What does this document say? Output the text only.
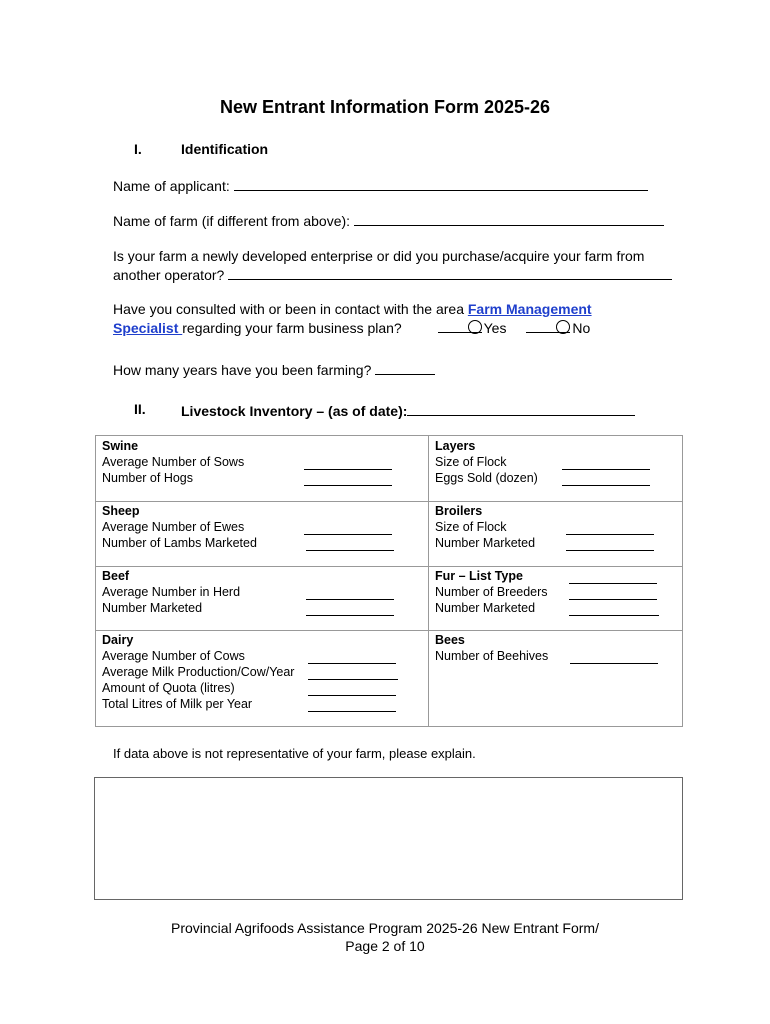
New Entrant Information Form 2025-26
I.	Identification
Name of applicant:
Name of farm (if different from above):
Is your farm a newly developed enterprise or did you purchase/acquire your farm from
another operator?
Have you consulted with or been in contact with the area Farm Management
Specialist regarding your farm business plan?	Yes	No
How many years have you been farming?
II.	Livestock Inventory – (as of date):
Swine
Average Number of Sows
Number of Hogs
Layers
Size of Flock
Eggs Sold (dozen)
Sheep
Average Number of Ewes
Number of Lambs Marketed
Broilers
Size of Flock
Number Marketed
Beef
Average Number in Herd
Number Marketed
Fur – List Type
Number of Breeders
Number Marketed
Dairy
Average Number of Cows
Average Milk Production/Cow/Year
Amount of Quota (litres)
Total Litres of Milk per Year
Bees
Number of Beehives
If data above is not representative of your farm, please explain.
Provincial Agrifoods Assistance Program 2025-26 New Entrant Form/
Page 2 of 10
